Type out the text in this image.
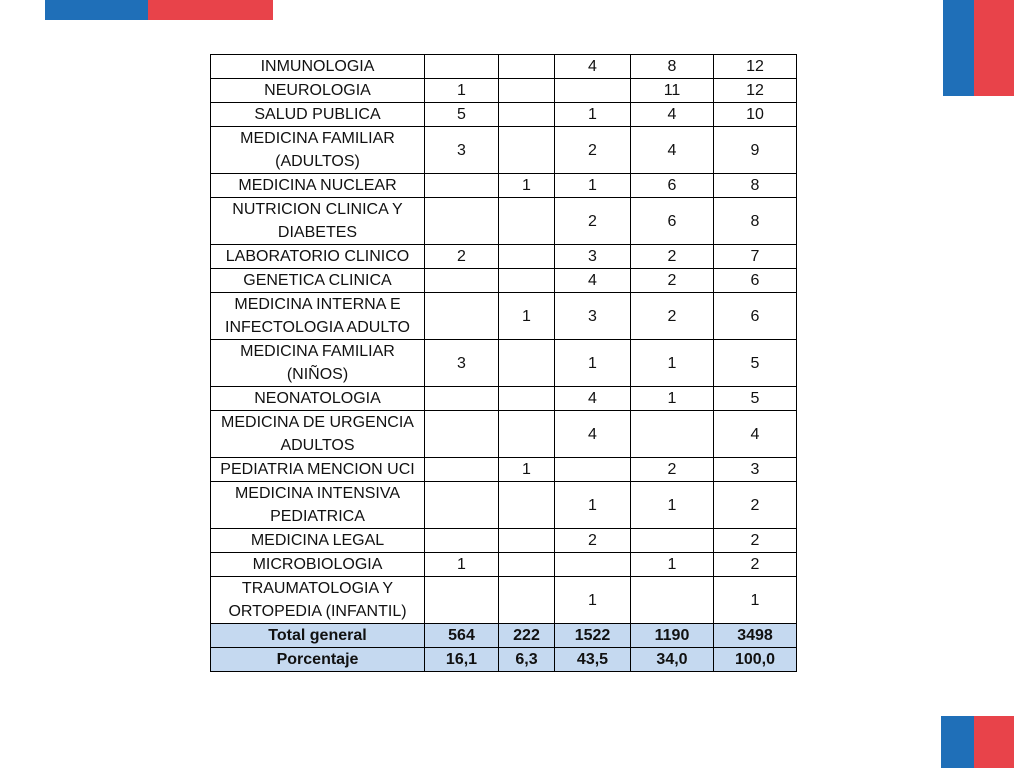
INMUNOLOGIA			4	8	12
NEUROLOGIA	1			11	12
SALUD PUBLICA	5		1	4	10
MEDICINA FAMILIAR (ADULTOS)	3		2	4	9
MEDICINA NUCLEAR		1	1	6	8
NUTRICION CLINICA Y DIABETES			2	6	8
LABORATORIO CLINICO	2		3	2	7
GENETICA CLINICA			4	2	6
MEDICINA INTERNA E INFECTOLOGIA ADULTO		1	3	2	6
MEDICINA FAMILIAR (NIÑOS)	3		1	1	5
NEONATOLOGIA			4	1	5
MEDICINA DE URGENCIA ADULTOS			4		4
PEDIATRIA MENCION UCI		1		2	3
MEDICINA INTENSIVA PEDIATRICA			1	1	2
MEDICINA LEGAL			2		2
MICROBIOLOGIA	1			1	2
TRAUMATOLOGIA Y ORTOPEDIA (INFANTIL)			1		1
Total general	564	222	1522	1190	3498
Porcentaje	16,1	6,3	43,5	34,0	100,0
